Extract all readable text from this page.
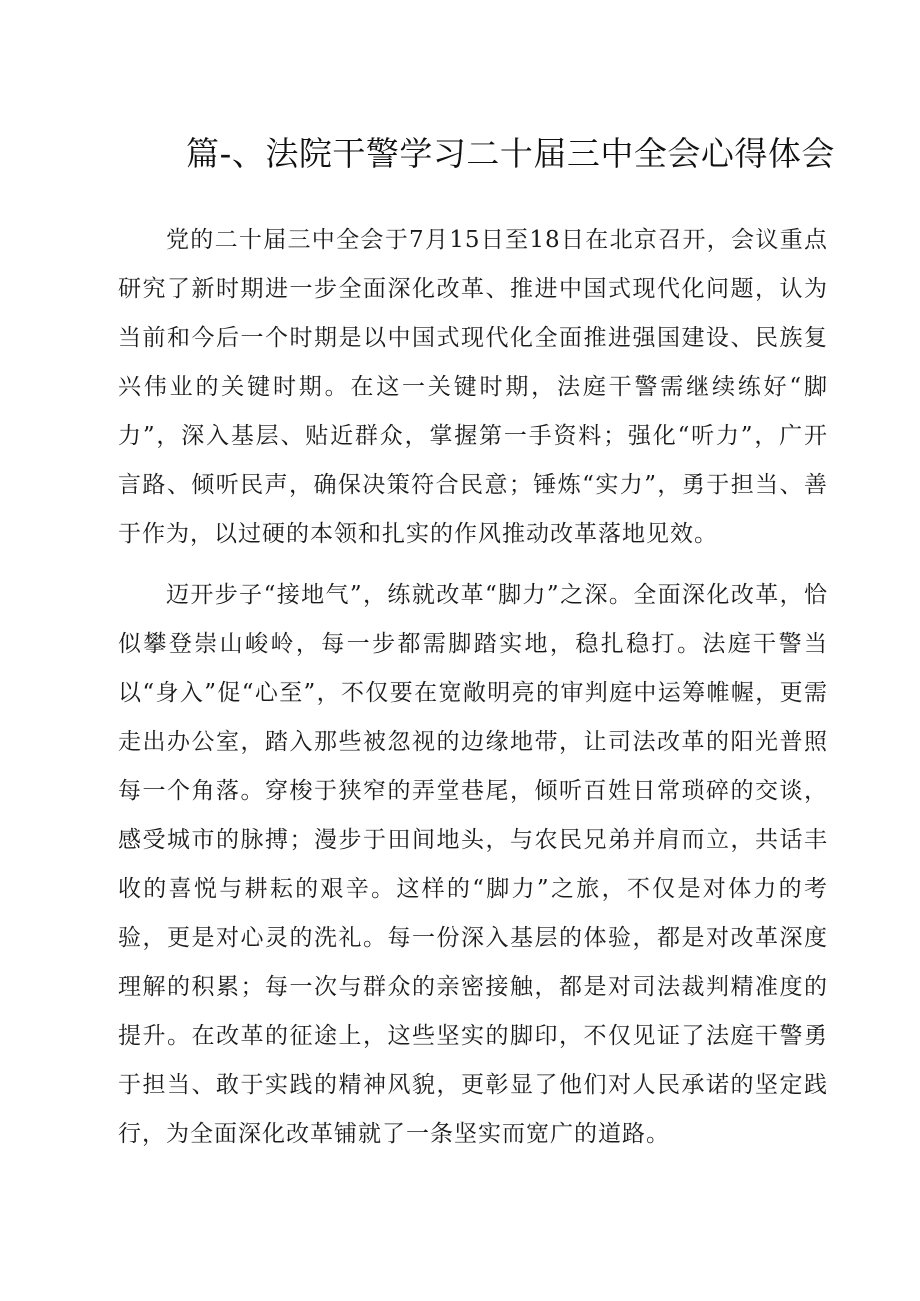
篇-、法院干警学习二十届三中全会心得体会

党的二十届三中全会于7月15日至18日在北京召开，会议重点研究了新时期进一步全面深化改革、推进中国式现代化问题，认为当前和今后一个时期是以中国式现代化全面推进强国建设、民族复兴伟业的关键时期。在这一关键时期，法庭干警需继续练好“脚力”，深入基层、贴近群众，掌握第一手资料；强化“听力”，广开言路、倾听民声，确保决策符合民意；锤炼“实力”，勇于担当、善于作为，以过硬的本领和扎实的作风推动改革落地见效。

迈开步子“接地气”，练就改革“脚力”之深。全面深化改革，恰似攀登崇山峻岭，每一步都需脚踏实地，稳扎稳打。法庭干警当以“身入”促“心至”，不仅要在宽敞明亮的审判庭中运筹帷幄，更需走出办公室，踏入那些被忽视的边缘地带，让司法改革的阳光普照每一个角落。穿梭于狭窄的弄堂巷尾，倾听百姓日常琐碎的交谈，感受城市的脉搏；漫步于田间地头，与农民兄弟并肩而立，共话丰收的喜悦与耕耘的艰辛。这样的“脚力”之旅，不仅是对体力的考验，更是对心灵的洗礼。每一份深入基层的体验，都是对改革深度理解的积累；每一次与群众的亲密接触，都是对司法裁判精准度的提升。在改革的征途上，这些坚实的脚印，不仅见证了法庭干警勇于担当、敢于实践的精神风貌，更彰显了他们对人民承诺的坚定践行，为全面深化改革铺就了一条坚实而宽广的道路。
